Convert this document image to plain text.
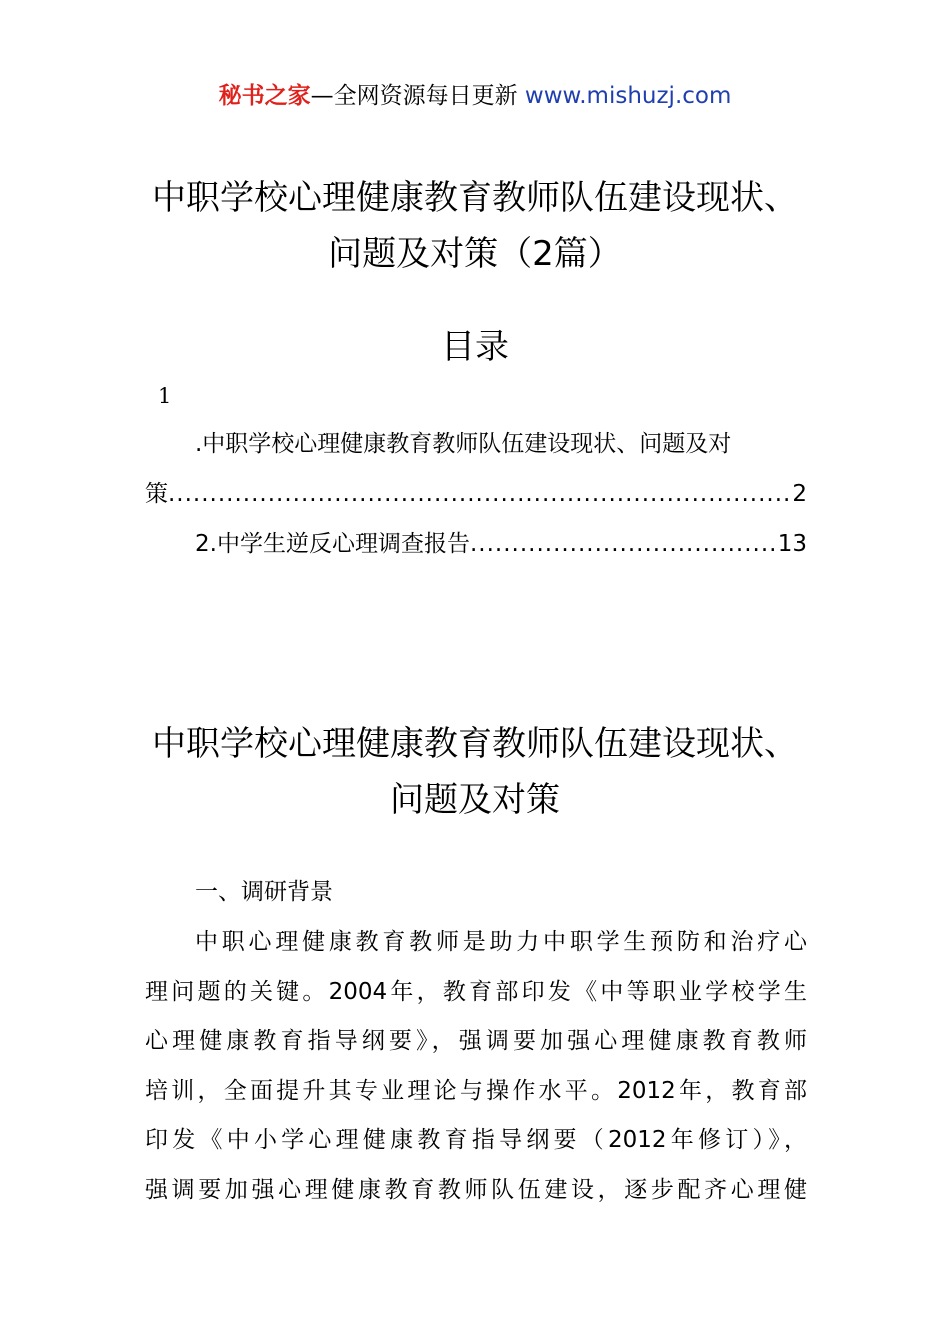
秘书之家—全网资源每日更新 www.mishuzj.com
中职学校心理健康教育教师队伍建设现状、
问题及对策（2篇）
目录
1
.中职学校心理健康教育教师队伍建设现状、问题及对
策 .....	2
2.中学生逆反心理调查报告 .....	13
中职学校心理健康教育教师队伍建设现状、
问题及对策
一、调研背景
中职心理健康教育教师是助力中职学生预防和治疗心
理问题的关键。2004年，教育部印发《中等职业学校学生
心理健康教育指导纲要》，强调要加强心理健康教育教师
培训，全面提升其专业理论与操作水平。2012年，教育部
印发《中小学心理健康教育指导纲要（2012年修订）》，
强调要加强心理健康教育教师队伍建设，逐步配齐心理健
